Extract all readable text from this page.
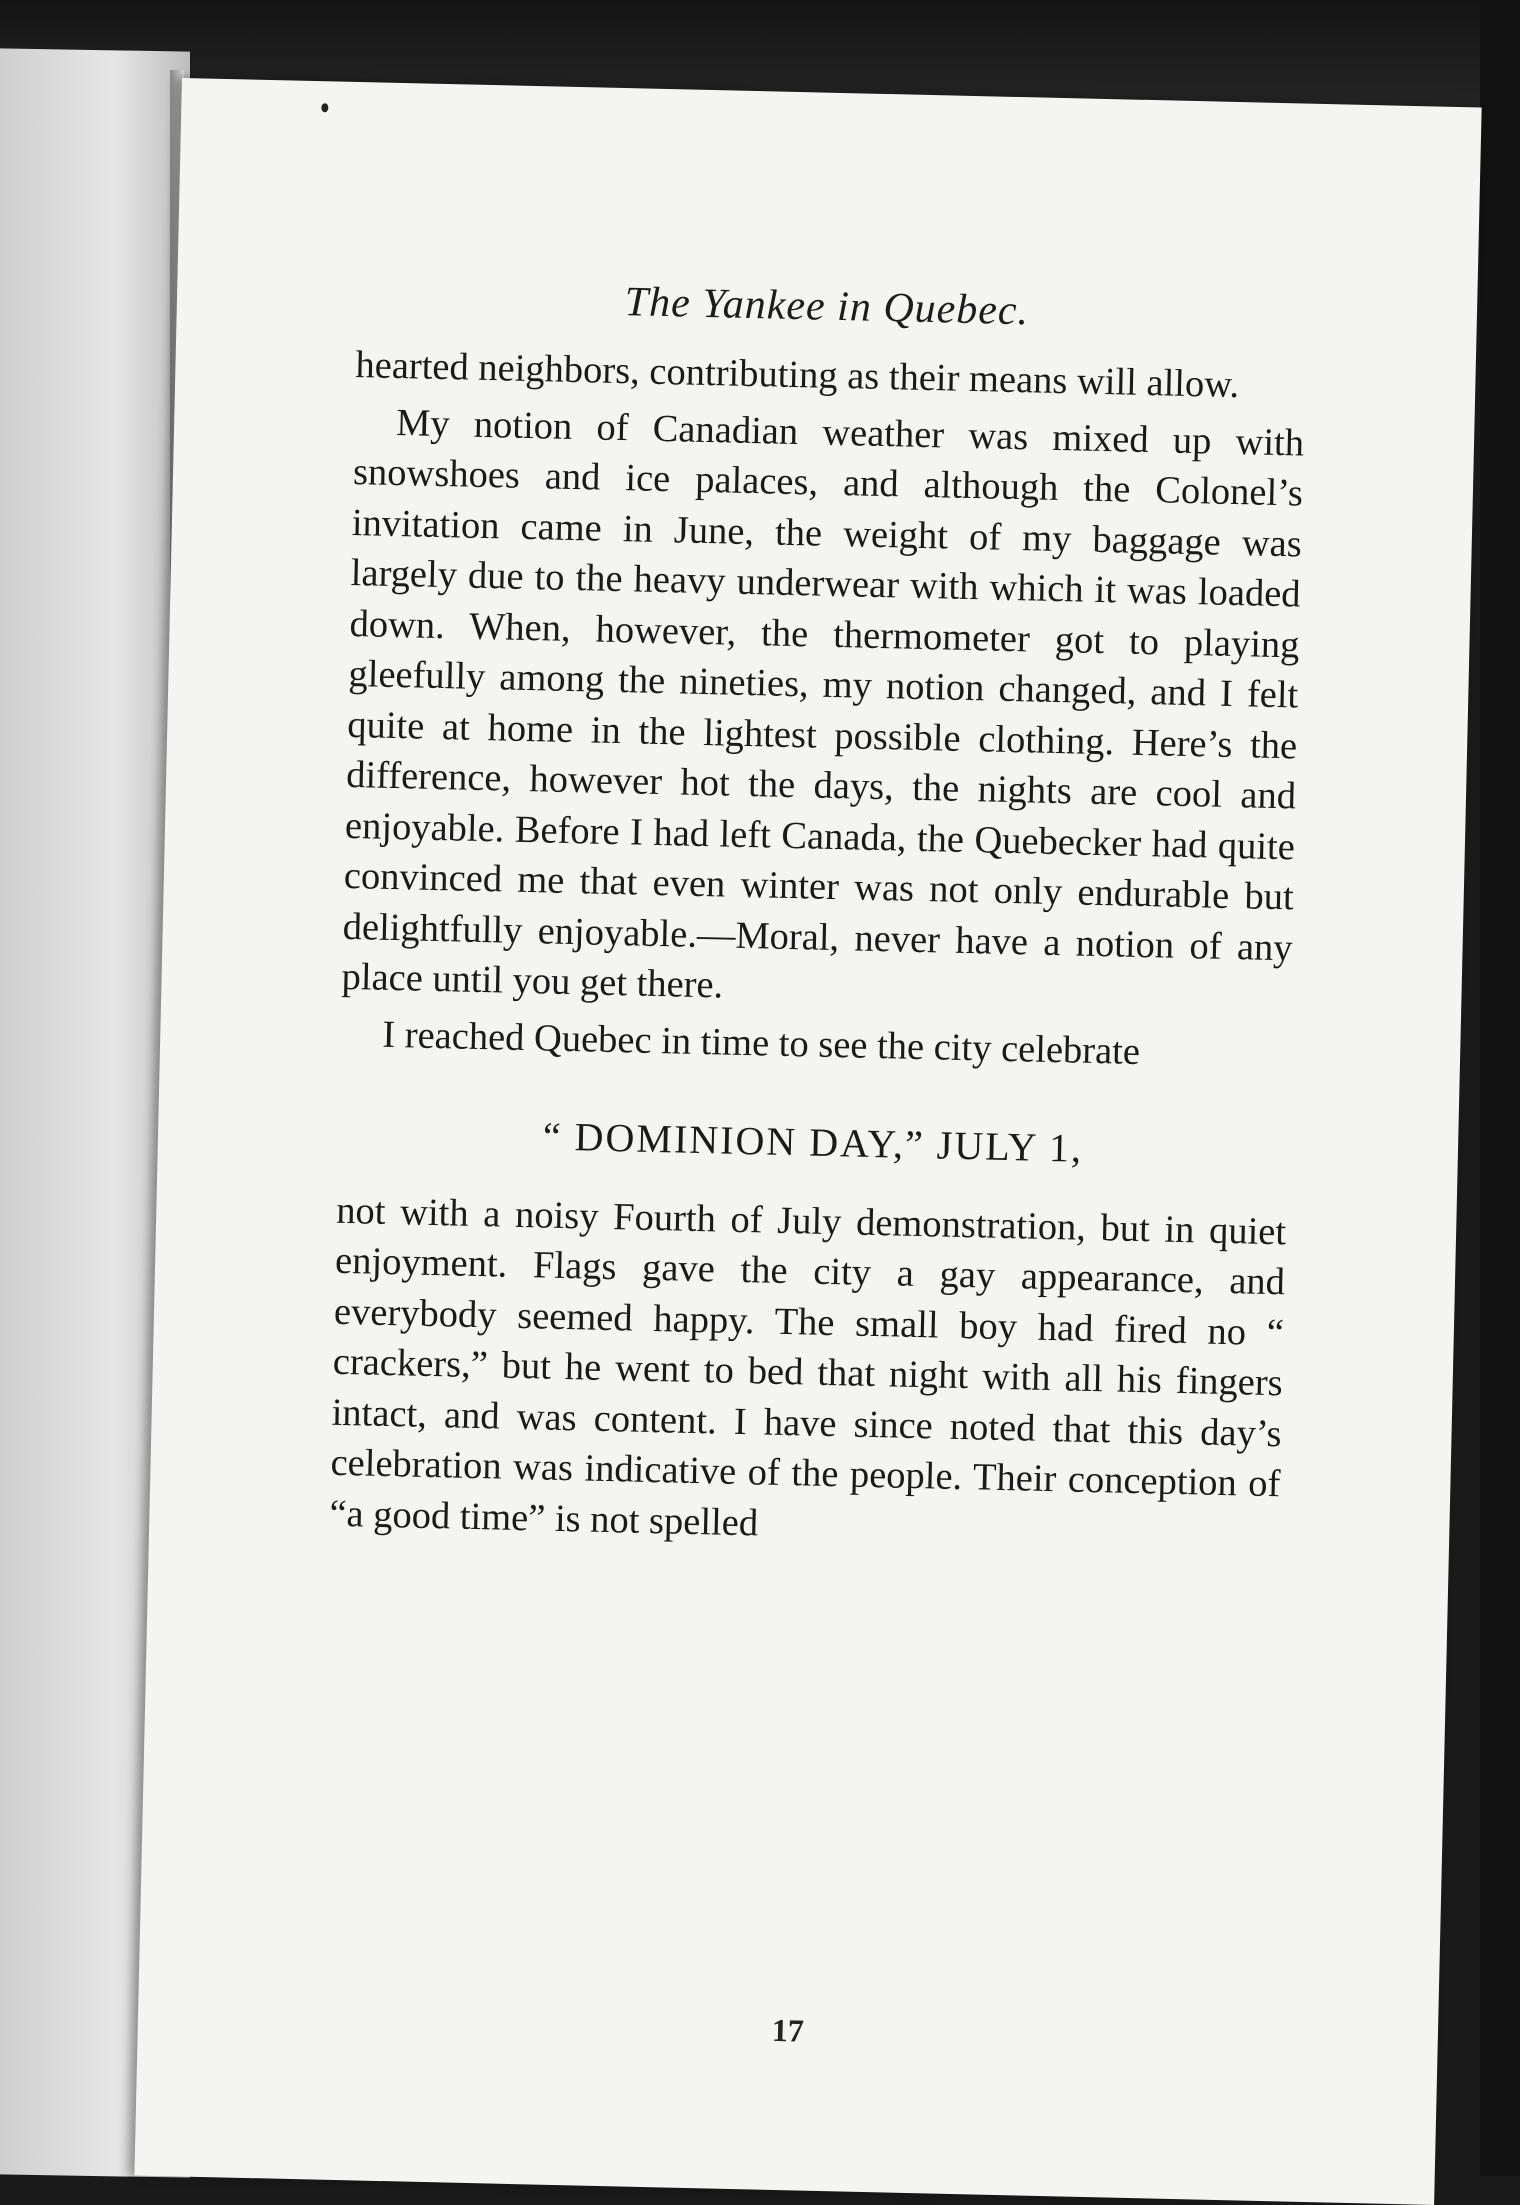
The Yankee in Quebec.

hearted neighbors, contributing as their means will allow.

My notion of Canadian weather was mixed up with snowshoes and ice palaces, and although the Colonel’s invitation came in June, the weight of my baggage was largely due to the heavy underwear with which it was loaded down. When, however, the thermometer got to playing gleefully among the nineties, my notion changed, and I felt quite at home in the lightest possible clothing. Here’s the difference, however hot the days, the nights are cool and enjoyable. Before I had left Canada, the Quebecker had quite convinced me that even winter was not only endurable but delightfully enjoyable.—Moral, never have a notion of any place until you get there.

I reached Quebec in time to see the city celebrate

“ DOMINION DAY,” JULY 1,

not with a noisy Fourth of July demonstration, but in quiet enjoyment. Flags gave the city a gay appearance, and everybody seemed happy. The small boy had fired no “ crackers,” but he went to bed that night with all his fingers intact, and was content. I have since noted that this day’s celebration was indicative of the people. Their conception of “a good time” is not spelled

17
